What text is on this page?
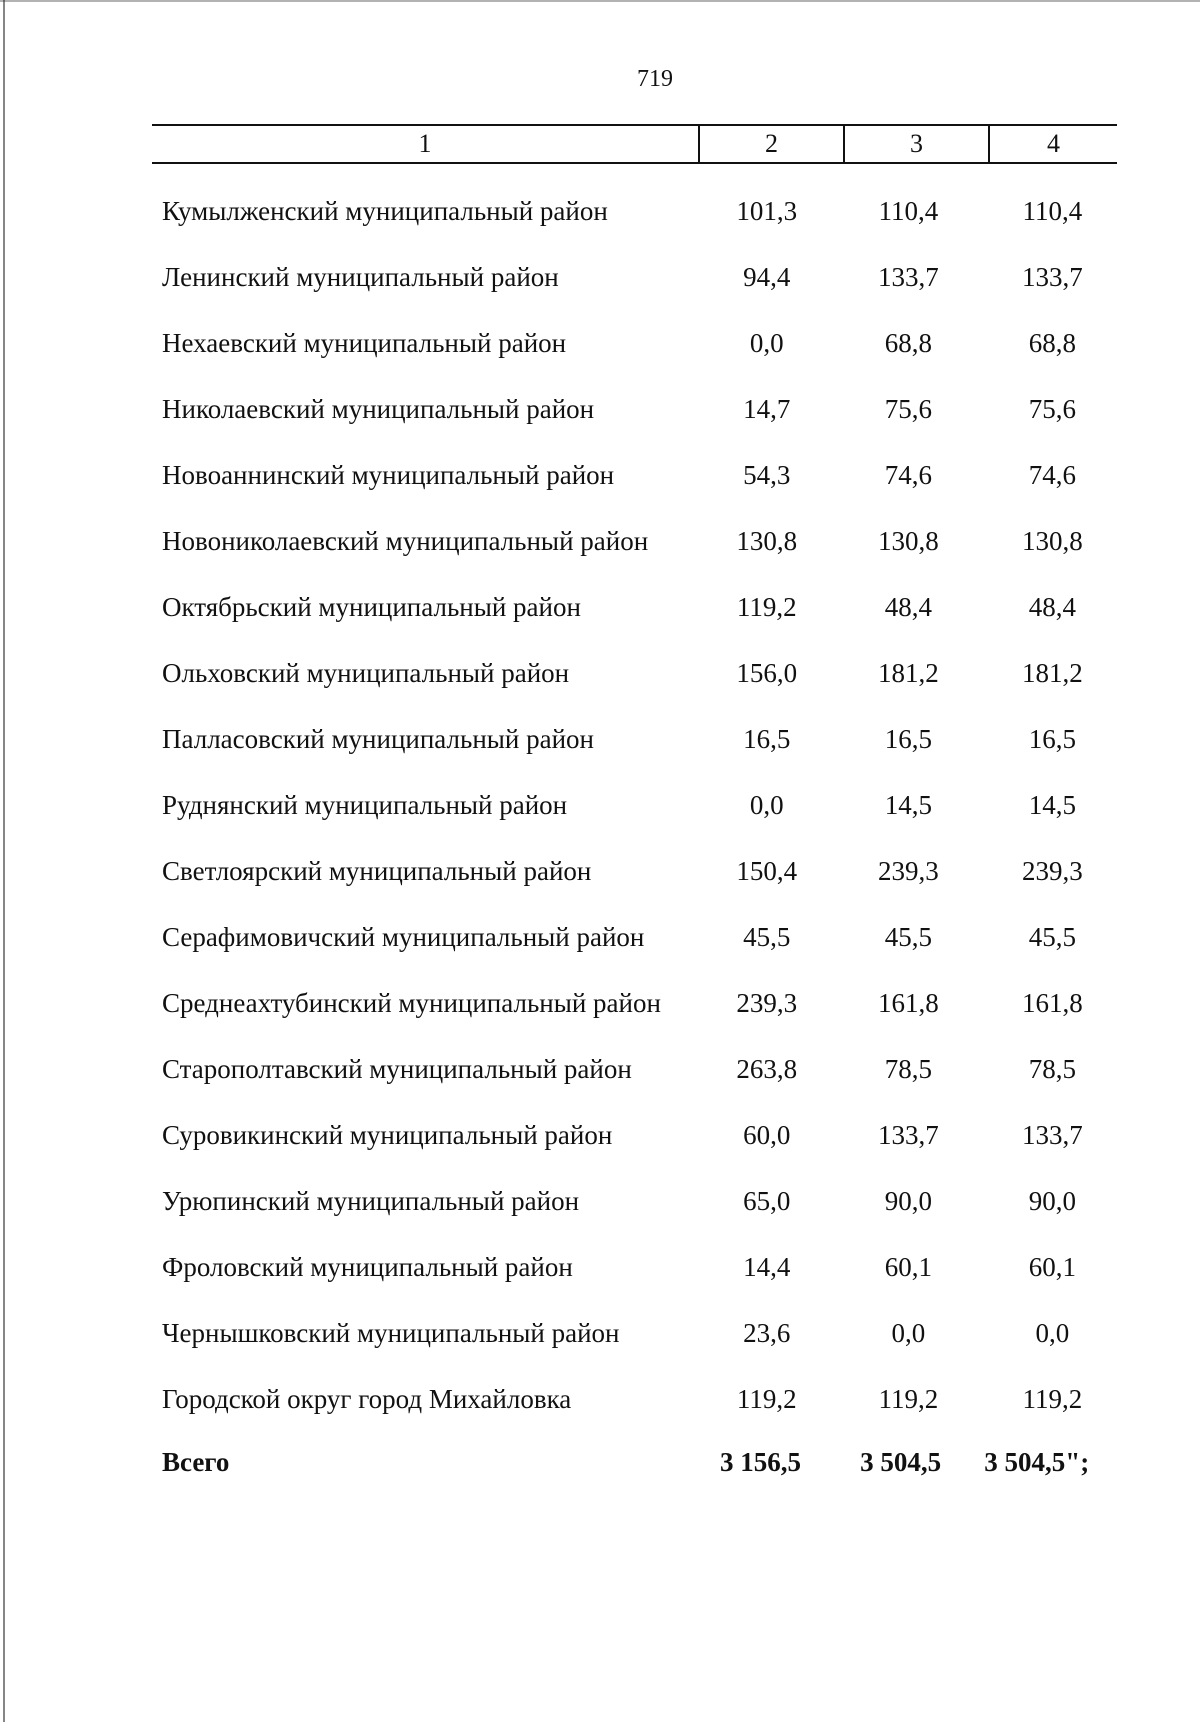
719
1	2	3	4
Кумылженский муниципальный район	101,3	110,4	110,4
Ленинский муниципальный район	94,4	133,7	133,7
Нехаевский муниципальный район	0,0	68,8	68,8
Николаевский муниципальный район	14,7	75,6	75,6
Новоаннинский муниципальный район	54,3	74,6	74,6
Новониколаевский муниципальный район	130,8	130,8	130,8
Октябрьский муниципальный район	119,2	48,4	48,4
Ольховский муниципальный район	156,0	181,2	181,2
Палласовский муниципальный район	16,5	16,5	16,5
Руднянский муниципальный район	0,0	14,5	14,5
Светлоярский муниципальный район	150,4	239,3	239,3
Серафимовичский муниципальный район	45,5	45,5	45,5
Среднеахтубинский муниципальный район	239,3	161,8	161,8
Старополтавский муниципальный район	263,8	78,5	78,5
Суровикинский муниципальный район	60,0	133,7	133,7
Урюпинский муниципальный район	65,0	90,0	90,0
Фроловский муниципальный район	14,4	60,1	60,1
Чернышковский муниципальный район	23,6	0,0	0,0
Городской округ город Михайловка	119,2	119,2	119,2
Всего	3 156,5	3 504,5	3 504,5";
